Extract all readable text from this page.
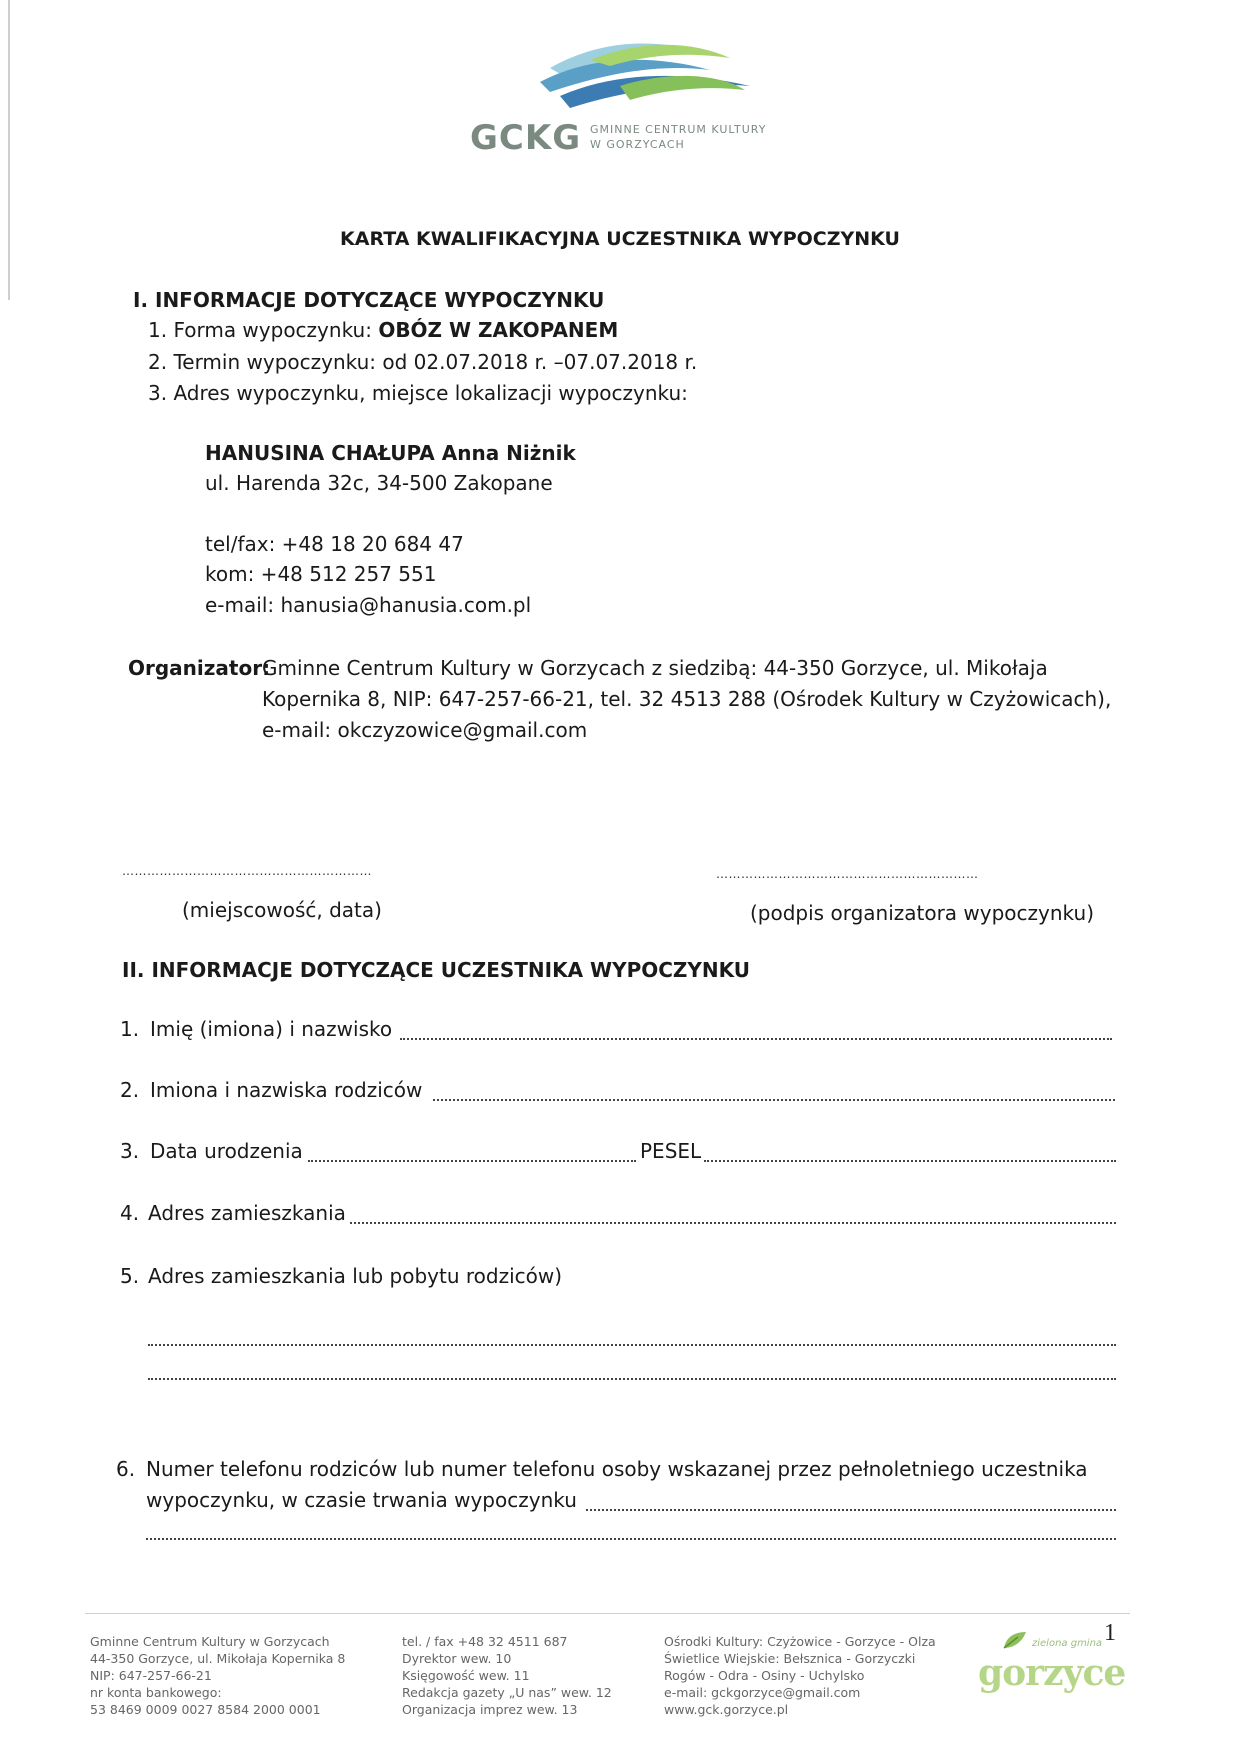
GCKG GMINNE CENTRUM KULTURY
W GORZYCACH
KARTA KWALIFIKACYJNA UCZESTNIKA WYPOCZYNKU
I. INFORMACJE DOTYCZĄCE WYPOCZYNKU
1. Forma wypoczynku: OBÓZ W ZAKOPANEM
2. Termin wypoczynku: od 02.07.2018 r. –07.07.2018 r.
3. Adres wypoczynku, miejsce lokalizacji wypoczynku:
HANUSINA CHAŁUPA Anna Niżnik
ul. Harenda 32c, 34-500 Zakopane
tel/fax: +48 18 20 684 47
kom: +48 512 257 551
e-mail: hanusia@hanusia.com.pl
Organizator:
Gminne Centrum Kultury w Gorzycach z siedzibą: 44-350 Gorzyce, ul. Mikołaja
Kopernika 8, NIP: 647-257-66-21, tel. 32 4513 288 (Ośrodek Kultury w Czyżowicach),
e-mail: okczyzowice@gmail.com
……………………………………………………	………………………………………………………
(miejscowość, data)	(podpis organizatora wypoczynku)
II. INFORMACJE DOTYCZĄCE UCZESTNIKA WYPOCZYNKU
1. Imię (imiona) i nazwisko
2. Imiona i nazwiska rodziców
3. Data urodzenia	PESEL
4. Adres zamieszkania
5. Adres zamieszkania lub pobytu rodziców)
6. Numer telefonu rodziców lub numer telefonu osoby wskazanej przez pełnoletniego uczestnika
wypoczynku, w czasie trwania wypoczynku
Gminne Centrum Kultury w Gorzycach
44-350 Gorzyce, ul. Mikołaja Kopernika 8
NIP: 647-257-66-21
nr konta bankowego:
53 8469 0009 0027 8584 2000 0001
tel. / fax +48 32 4511 687
Dyrektor wew. 10
Księgowość wew. 11
Redakcja gazety „U nas” wew. 12
Organizacja imprez wew. 13
Ośrodki Kultury: Czyżowice - Gorzyce - Olza
Świetlice Wiejskie: Bełsznica - Gorzyczki
Rogów - Odra - Osiny - Uchylsko
e-mail: gckgorzyce@gmail.com
www.gck.gorzyce.pl
zielona gmina
gorzyce
1
